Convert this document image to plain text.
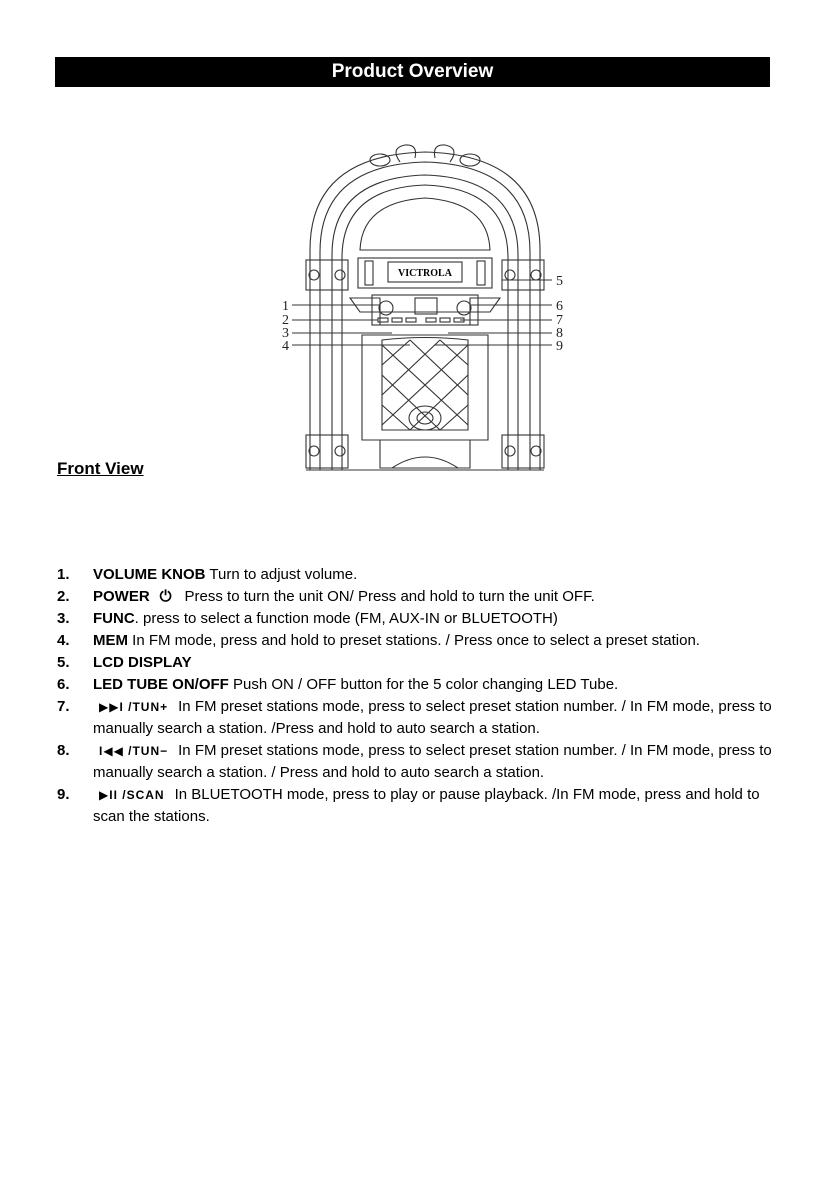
Product Overview
VICTROLA
1
2
3
4
5
6
7
8
9
Front View
1. VOLUME KNOB Turn to adjust volume.
2. POWER ⏻ Press to turn the unit ON/ Press and hold to turn the unit OFF.
3. FUNC. press to select a function mode (FM, AUX-IN or BLUETOOTH)
4. MEM In FM mode, press and hold to preset stations. / Press once to select a preset station.
5. LCD DISPLAY
6. LED TUBE ON/OFF Push ON / OFF button for the 5 color changing LED Tube.
7. ▶▶I /TUN+ In FM preset stations mode, press to select preset station number. / In FM mode, press to manually search a station. /Press and hold to auto search a station.
8. I◀◀ /TUN− In FM preset stations mode, press to select preset station number. / In FM mode, press to manually search a station. / Press and hold to auto search a station.
9. ▶II /SCAN In BLUETOOTH mode, press to play or pause playback. /In FM mode, press and hold to scan the stations.
